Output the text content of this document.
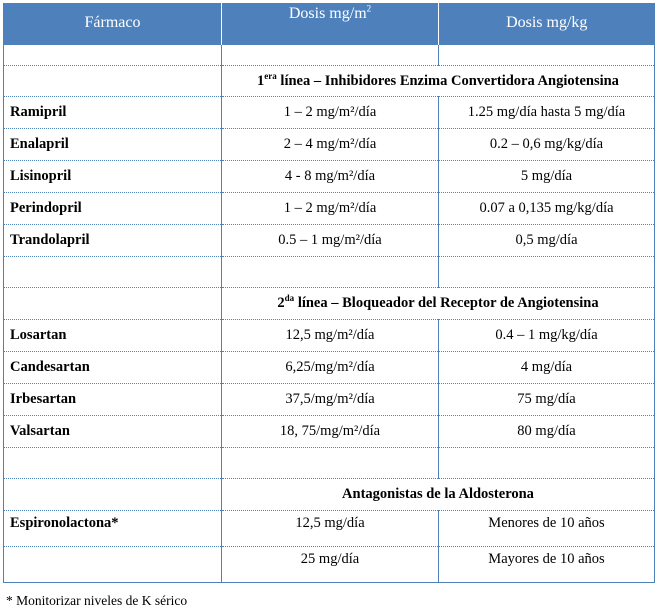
Fármaco	Dosis $mg/m^2$	Dosis mg/kg

	$1^{era}$ línea – Inhibidores Enzima Convertidora Angiotensina	
Ramipril	1 – 2 mg/m²/día	1.25 mg/día hasta 5 mg/día
Enalapril	2 – 4 mg/m²/día	0.2 – 0,6 mg/kg/día
Lisinopril	4 - 8 mg/m²/día	5 mg/día
Perindopril	1 – 2 mg/m²/día	0.07 a 0,135 mg/kg/día
Trandolapril	0.5 – 1 mg/m²/día	0,5 mg/día

	$2^{da}$ línea – Bloqueador del Receptor de Angiotensina	
Losartan	12,5 mg/m²/día	0.4 – 1 mg/kg/día
Candesartan	6,25/mg/m²/día	4 mg/día
Irbesartan	37,5/mg/m²/día	75 mg/día
Valsartan	18, 75/mg/m²/día	80 mg/día

	Antagonistas de la Aldosterona	
Espironolactona*	12,5 mg/día	Menores de 10 años
	25 mg/día	Mayores de 10 años
* Monitorizar niveles de K sérico
